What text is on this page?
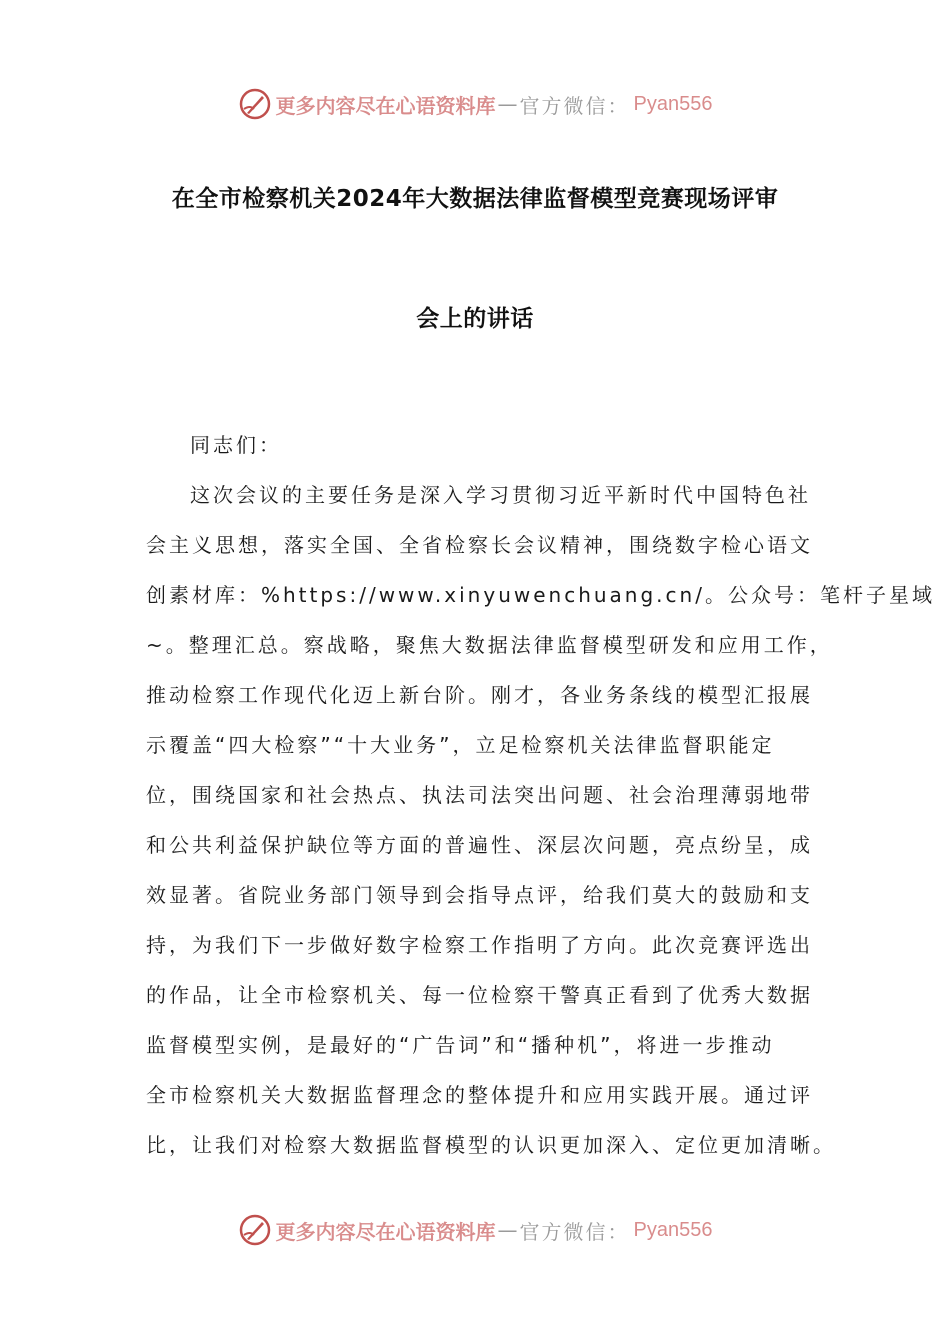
更多内容尽在心语资料库 — 官方微信： Pyan556
在全市检察机关2024年大数据法律监督模型竞赛现场评审
会上的讲话

同志们：

这次会议的主要任务是深入学习贯彻习近平新时代中国特色社
会主义思想，落实全国、全省检察长会议精神，围绕数字检心语文
创素材库：%https://www.xinyuwenchuang.cn/。公众号：笔杆子星域
~。整理汇总。察战略，聚焦大数据法律监督模型研发和应用工作，
推动检察工作现代化迈上新台阶。刚才，各业务条线的模型汇报展
示覆盖“四大检察”“十大业务”，立足检察机关法律监督职能定
位，围绕国家和社会热点、执法司法突出问题、社会治理薄弱地带
和公共利益保护缺位等方面的普遍性、深层次问题，亮点纷呈，成
效显著。省院业务部门领导到会指导点评，给我们莫大的鼓励和支
持，为我们下一步做好数字检察工作指明了方向。此次竞赛评选出
的作品，让全市检察机关、每一位检察干警真正看到了优秀大数据
监督模型实例，是最好的“广告词”和“播种机”，将进一步推动
全市检察机关大数据监督理念的整体提升和应用实践开展。通过评
比，让我们对检察大数据监督模型的认识更加深入、定位更加清晰。
更多内容尽在心语资料库 — 官方微信： Pyan556
